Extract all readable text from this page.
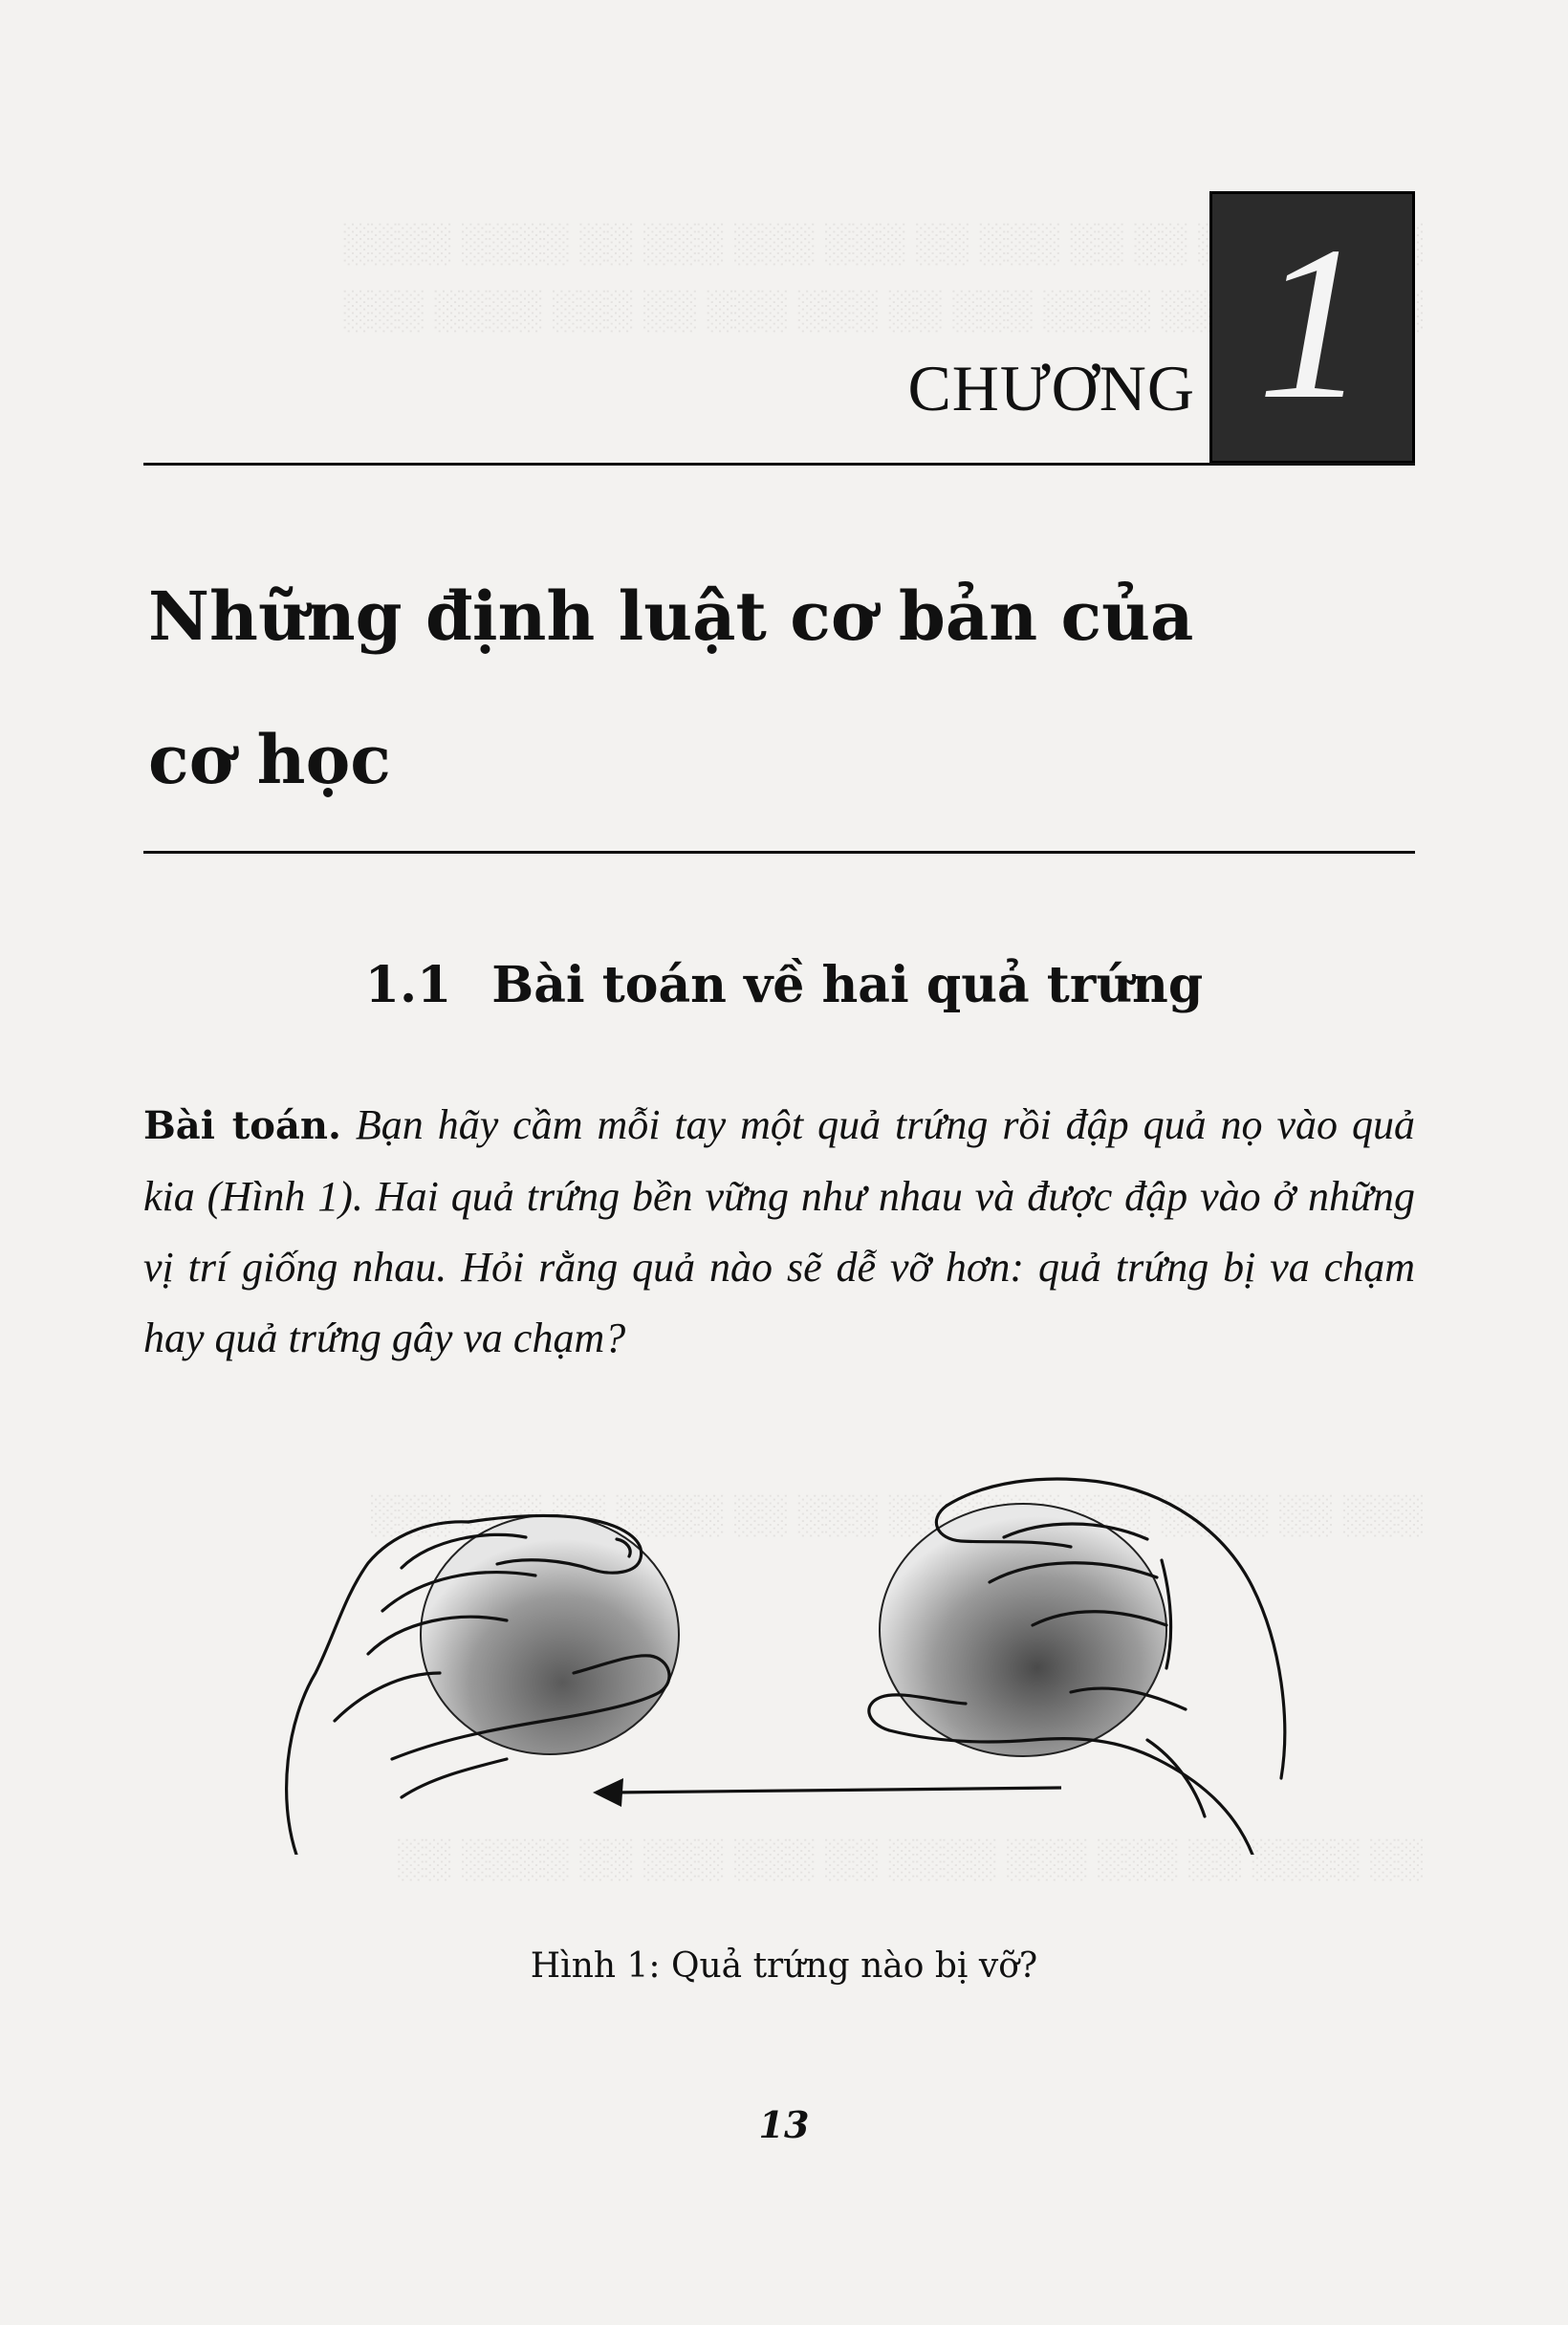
​░░░ ░░░░░ ░░ ░░ ░░░ ░░ ░░░ ░░░ ░░░ ░░ ░░░░ ░░░░
░░ ░░░ ░░░░ ░░░░ ░░░ ░░ ░░░ ░░░ ░░ ░░░ ░░░░ ░░░
░░░ ░░ ░░░░ ░░░ ░░░░ ░░ ░░░ ░░ ░░░░ ░░ ░░░ ░░░
░░ ░░░░ ░░ ░░░ ░░░ ░░░░ ░░ ░░░ ░░░ ░░ ░░░░ ░░
CHƯƠNG 1
Những định luật cơ bản của
cơ học
1.1 Bài toán về hai quả trứng

Bài toán. Bạn hãy cầm mỗi tay một quả trứng rồi đập quả nọ vào quả kia (Hình 1). Hai quả trứng bền vững như nhau và được đập vào ở những vị trí giống nhau. Hỏi rằng quả nào sẽ dễ vỡ hơn: quả trứng bị va chạm hay quả trứng gây va chạm?

Hình 1: Quả trứng nào bị vỡ?
13
